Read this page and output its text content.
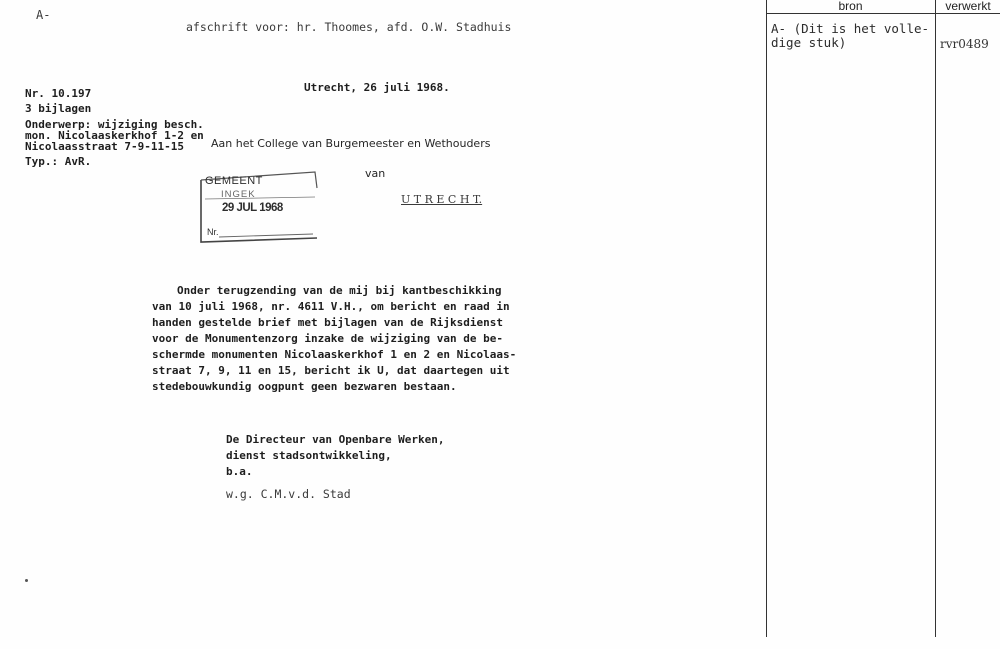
A-
afschrift voor: hr. Thoomes, afd. O.W. Stadhuis
Nr. 10.197
3 bijlagen
Onderwerp: wijziging besch.
mon. Nicolaaskerkhof 1-2 en
Nicolaasstraat 7-9-11-15
Typ.: AvR.
Utrecht, 26 juli 1968.
Aan het College van Burgemeester en Wethouders
van
U T R E C H T.
GEMEENT
INGEK
29 JUL 1968
Nr.
Onder terugzending van de mij bij kantbeschikking
van 10 juli 1968, nr. 4611 V.H., om bericht en raad in
handen gestelde brief met bijlagen van de Rijksdienst
voor de Monumentenzorg inzake de wijziging van de be-
schermde monumenten Nicolaaskerkhof 1 en 2 en Nicolaas-
straat 7, 9, 11 en 15, bericht ik U, dat daartegen uit
stedebouwkundig oogpunt geen bezwaren bestaan.
De Directeur van Openbare Werken,
dienst stadsontwikkeling,
b.a.
w.g. C.M.v.d. Stad
bron	verwerkt
A- (Dit is het volle-
dige stuk)	rvr0489
